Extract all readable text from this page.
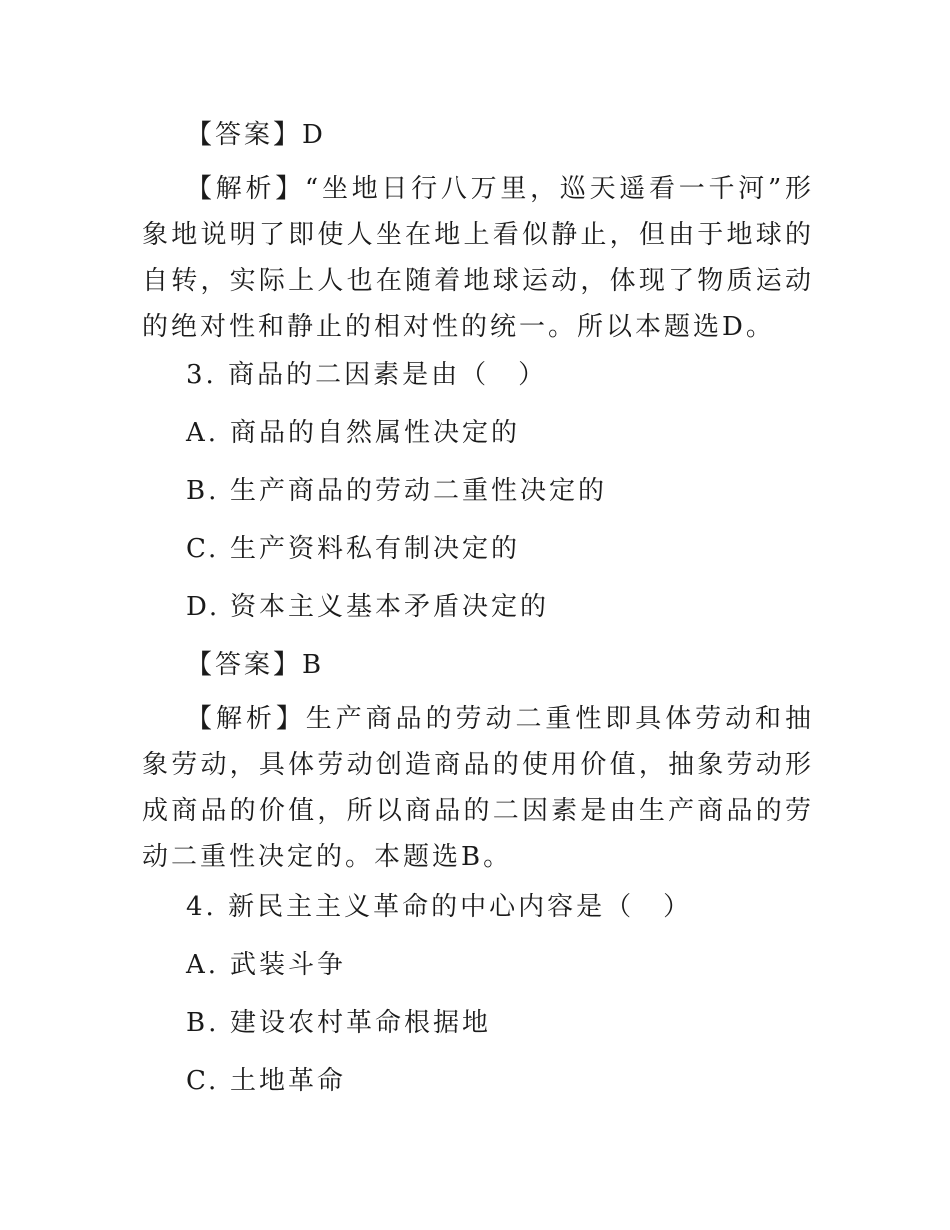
【答案】D
【解析】“坐地日行八万里，巡天遥看一千河”形象地说明了即使人坐在地上看似静止，但由于地球的自转，实际上人也在随着地球运动，体现了物质运动的绝对性和静止的相对性的统一。所以本题选D。
3. 商品的二因素是由（　）
A. 商品的自然属性决定的
B. 生产商品的劳动二重性决定的
C. 生产资料私有制决定的
D. 资本主义基本矛盾决定的
【答案】B
【解析】生产商品的劳动二重性即具体劳动和抽象劳动，具体劳动创造商品的使用价值，抽象劳动形成商品的价值，所以商品的二因素是由生产商品的劳动二重性决定的。本题选B。
4. 新民主主义革命的中心内容是（　）
A. 武装斗争
B. 建设农村革命根据地
C. 土地革命
